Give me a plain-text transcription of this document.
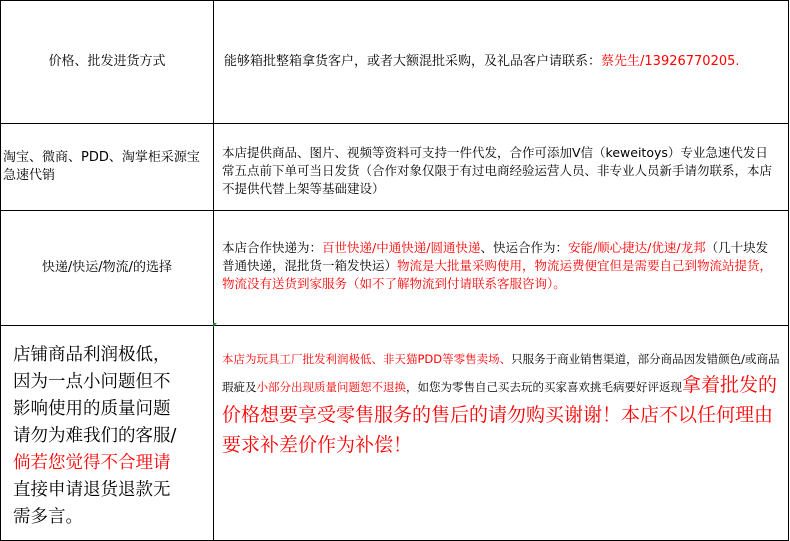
价格、批发进货方式	能够箱批整箱拿货客户，或者大额混批采购，及礼品客户请联系：蔡先生/13926770205.
淘宝、微商、PDD、淘掌柜采源宝
急速代销
本店提供商品、图片、视频等资料可支持一件代发，合作可添加V信（keweitoys）专业急速代发日常五点前下单可当日发货（合作对象仅限于有过电商经验运营人员、非专业人员新手请勿联系，本店不提供代替上架等基础建设）
快递/快运/物流/的选择
本店合作快递为：百世快递/中通快递/圆通快递、快运合作为：安能/顺心捷达/优速/龙邦（几十块发普通快递，混批货一箱发快运）物流是大批量采购使用，物流运费便宜但是需要自己到物流站提货，物流没有送货到家服务（如不了解物流到付请联系客服咨询）。
店铺商品利润极低，
因为一点小问题但不
影响使用的质量问题
请勿为难我们的客服/
倘若您觉得不合理请
直接申请退货退款无
需多言。
本店为玩具工厂批发利润极低、非天猫PDD等零售卖场、只服务于商业销售渠道，部分商品因发错颜色/或商品瑕疵及小部分出现质量问题恕不退换，如您为零售自己买去玩的买家喜欢挑毛病要好评返现拿着批发的价格想要享受零售服务的售后的请勿购买谢谢！本店不以任何理由要求补差价作为补偿！
